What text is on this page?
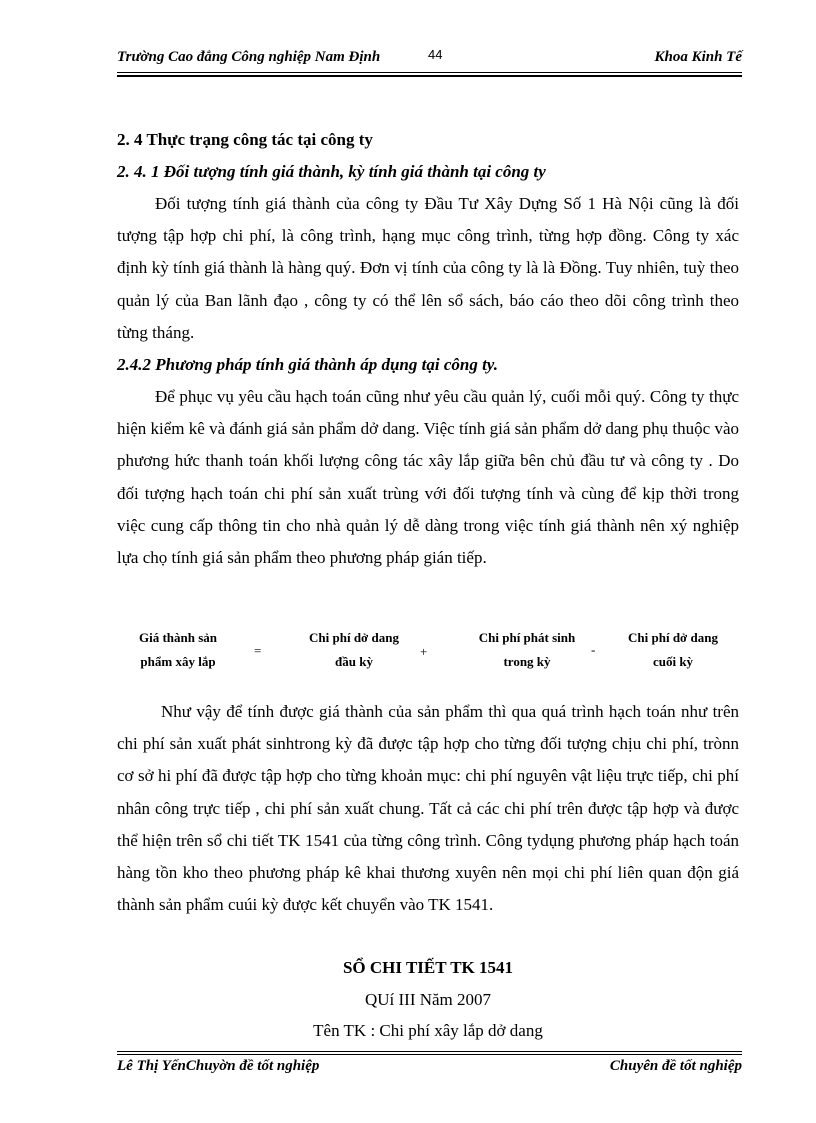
Trường Cao đẳng Công nghiệp Nam Định	44	Khoa Kinh Tế
2. 4 Thực trạng công tác tại công ty
2. 4. 1 Đối tượng tính giá thành, kỳ tính giá thành tại công ty

Đối tượng tính giá thành của công ty Đầu Tư Xây Dựng Số 1 Hà Nội cũng là đối tượng tập hợp chi phí, là công trình, hạng mục công trình, từng hợp đồng. Công ty xác định kỳ tính giá thành là hàng quý. Đơn vị tính của công ty là là Đồng. Tuy nhiên, tuỳ theo quản lý của Ban lãnh đạo , công ty có thể lên sổ sách, báo cáo theo dõi công trình theo từng tháng.

2.4.2 Phương pháp tính giá thành áp dụng tại công ty.

Để phục vụ yêu cầu hạch toán cũng như yêu cầu quản lý, cuối mỗi quý. Công ty thực hiện kiểm kê và đánh giá sản phẩm dở dang. Việc tính giá sản phẩm dở dang phụ thuộc vào phương hức thanh toán khối lượng công tác xây lắp giữa bên chủ đầu tư và công ty . Do đối tượng hạch toán chi phí sản xuất trùng với đối tượng tính và cùng để kịp thời trong việc cung cấp thông tin cho nhà quản lý dễ dàng trong việc tính giá thành nên xý nghiệp lựa chọ tính giá sản phẩm theo phương pháp gián tiếp.

Giá thành sản
phẩm xây lắp
=
Chi phí dở dang
đầu kỳ
+
Chi phí phát sinh
trong kỳ
-
Chi phí dở dang
cuối kỳ

Như vậy để tính được giá thành của sản phẩm thì qua quá trình hạch toán như trên chi phí sản xuất phát sinhtrong kỳ đã được tập hợp cho từng đối tượng chịu chi phí, trònn cơ sở hi phí đã được tập hợp cho từng khoản mục: chi phí nguyên vật liệu trực tiếp, chi phí nhân công trực tiếp , chi phí sản xuất chung. Tất cả các chi phí trên được tập hợp và được thể hiện trên sổ chi tiết TK 1541 của từng công trình. Công tydụng phương pháp hạch toán hàng tồn kho theo phương pháp kê khai thương xuyên nên mọi chi phí liên quan độn giá thành sản phẩm cuúi kỳ được kết chuyển vào TK 1541.

SỔ CHI TIẾT TK 1541
QUí III Năm 2007
Tên TK : Chi phí xây lắp dở dang
Lê Thị YếnChuyờn đề tốt nghiệp	Chuyên đề tốt nghiệp
